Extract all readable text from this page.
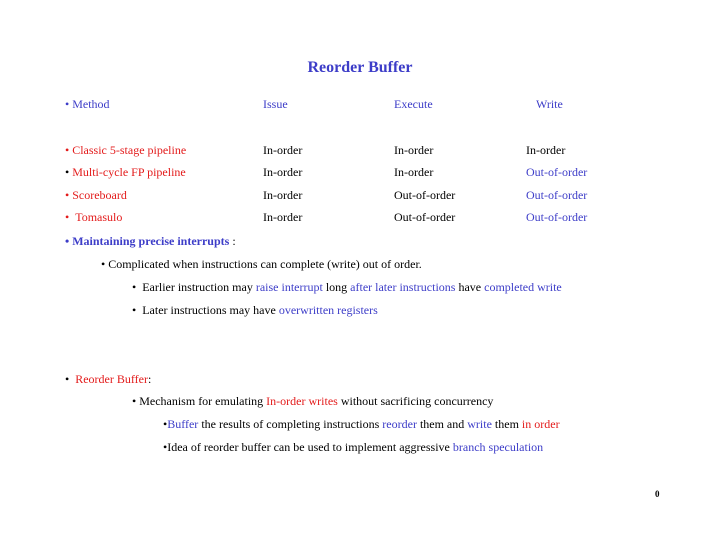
Reorder Buffer
• Method	Issue	Execute	Write
• Classic 5-stage pipeline	In-order	In-order	In-order
• Multi-cycle FP pipeline	In-order	In-order	Out-of-order
• Scoreboard	In-order	Out-of-order	Out-of-order
• Tomasulo	In-order	Out-of-order	Out-of-order
• Maintaining precise interrupts :
• Complicated when instructions can complete (write) out of order.
• Earlier instruction may raise interrupt long after later instructions have completed write
• Later instructions may have overwritten registers
• Reorder Buffer:
• Mechanism for emulating In-order writes without sacrificing concurrency
•Buffer the results of completing instructions reorder them and write them in order
•Idea of reorder buffer can be used to implement aggressive branch speculation
0
